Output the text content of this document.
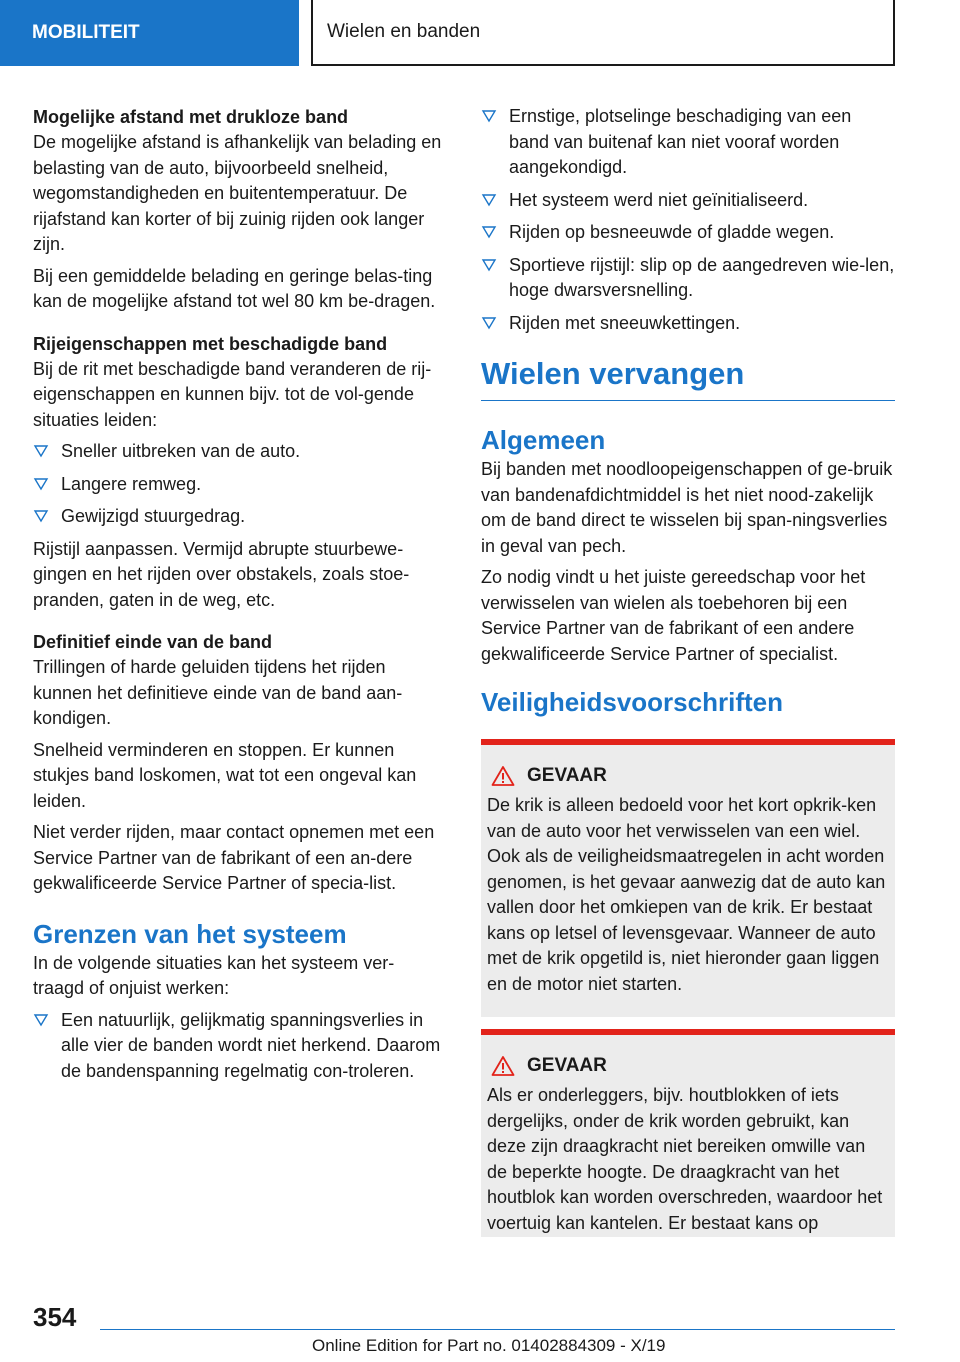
MOBILITEIT	Wielen en banden

Mogelijke afstand met drukloze band

De mogelijke afstand is afhankelijk van belading en belasting van de auto, bijvoorbeeld snelheid, wegomstandigheden en buitentemperatuur. De rijafstand kan korter of bij zuinig rijden ook langer zijn.

Bij een gemiddelde belading en geringe belas-ting kan de mogelijke afstand tot wel 80 km be-dragen.

Rijeigenschappen met beschadigde band

Bij de rit met beschadigde band veranderen de rij-eigenschappen en kunnen bijv. tot de vol-gende situaties leiden:

Sneller uitbreken van de auto.
Langere remweg.
Gewijzigd stuurgedrag.

Rijstijl aanpassen. Vermijd abrupte stuurbewe-gingen en het rijden over obstakels, zoals stoe-pranden, gaten in de weg, etc.

Definitief einde van de band

Trillingen of harde geluiden tijdens het rijden kunnen het definitieve einde van de band aan-kondigen.

Snelheid verminderen en stoppen. Er kunnen stukjes band loskomen, wat tot een ongeval kan leiden.

Niet verder rijden, maar contact opnemen met een Service Partner van de fabrikant of een an-dere gekwalificeerde Service Partner of specia-list.

Grenzen van het systeem

In de volgende situaties kan het systeem ver-traagd of onjuist werken:

Een natuurlijk, gelijkmatig spanningsverlies in alle vier de banden wordt niet herkend. Daarom de bandenspanning regelmatig con-troleren.
Ernstige, plotselinge beschadiging van een band van buitenaf kan niet vooraf worden aangekondigd.
Het systeem werd niet geïnitialiseerd.
Rijden op besneeuwde of gladde wegen.
Sportieve rijstijl: slip op de aangedreven wie-len, hoge dwarsversnelling.
Rijden met sneeuwkettingen.
Wielen vervangen

Algemeen

Bij banden met noodloopeigenschappen of ge-bruik van bandenafdichtmiddel is het niet nood-zakelijk om de band direct te wisselen bij span-ningsverlies in geval van pech.

Zo nodig vindt u het juiste gereedschap voor het verwisselen van wielen als toebehoren bij een Service Partner van de fabrikant of een andere gekwalificeerde Service Partner of specialist.

Veiligheidsvoorschriften

GEVAAR

De krik is alleen bedoeld voor het kort opkrik-ken van de auto voor het verwisselen van een wiel. Ook als de veiligheidsmaatregelen in acht worden genomen, is het gevaar aanwezig dat de auto kan vallen door het omkiepen van de krik. Er bestaat kans op letsel of levensgevaar. Wanneer de auto met de krik opgetild is, niet hieronder gaan liggen en de motor niet starten.

GEVAAR

Als er onderleggers, bijv. houtblokken of iets dergelijks, onder de krik worden gebruikt, kan deze zijn draagkracht niet bereiken omwille van de beperkte hoogte. De draagkracht van het houtblok kan worden overschreden, waardoor het voertuig kan kantelen. Er bestaat kans op

354
Online Edition for Part no. 01402884309 - X/19
